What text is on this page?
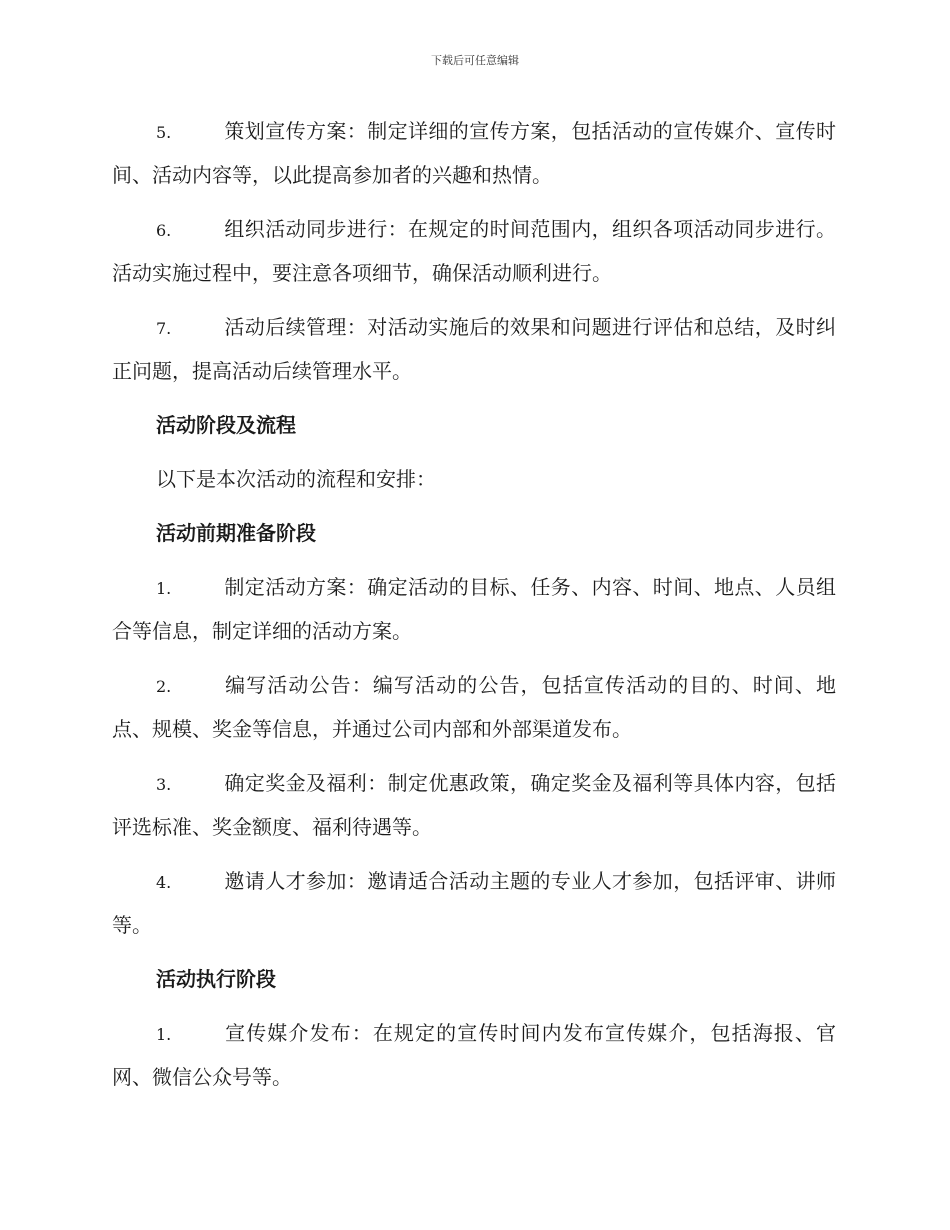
下载后可任意编辑

5.	策划宣传方案：制定详细的宣传方案，包括活动的宣传媒介、宣传时间、活动内容等，以此提高参加者的兴趣和热情。

6.	组织活动同步进行：在规定的时间范围内，组织各项活动同步进行。活动实施过程中，要注意各项细节，确保活动顺利进行。

7.	活动后续管理：对活动实施后的效果和问题进行评估和总结，及时纠正问题，提高活动后续管理水平。

活动阶段及流程
以下是本次活动的流程和安排：
活动前期准备阶段

1.	制定活动方案：确定活动的目标、任务、内容、时间、地点、人员组合等信息，制定详细的活动方案。

2.	编写活动公告：编写活动的公告，包括宣传活动的目的、时间、地点、规模、奖金等信息，并通过公司内部和外部渠道发布。

3.	确定奖金及福利：制定优惠政策，确定奖金及福利等具体内容，包括评选标准、奖金额度、福利待遇等。

4.	邀请人才参加：邀请适合活动主题的专业人才参加，包括评审、讲师等。

活动执行阶段

1.	宣传媒介发布：在规定的宣传时间内发布宣传媒介，包括海报、官网、微信公众号等。
